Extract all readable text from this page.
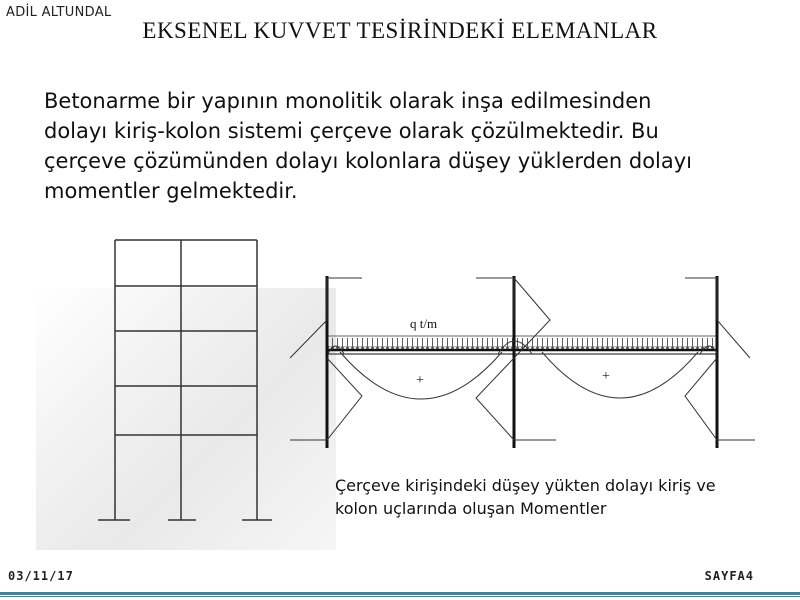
ADİL ALTUNDAL
EKSENEL KUVVET TESİRİNDEKİ ELEMANLAR
Betonarme bir yapının monolitik olarak inşa edilmesinden
dolayı kiriş-kolon sistemi çerçeve olarak çözülmektedir. Bu
çerçeve çözümünden dolayı kolonlara düşey yüklerden dolayı
momentler gelmektedir.
q t/m
+	+
Çerçeve kirişindeki düşey yükten dolayı kiriş ve
kolon uçlarında oluşan Momentler
03/11/17	SAYFA4
